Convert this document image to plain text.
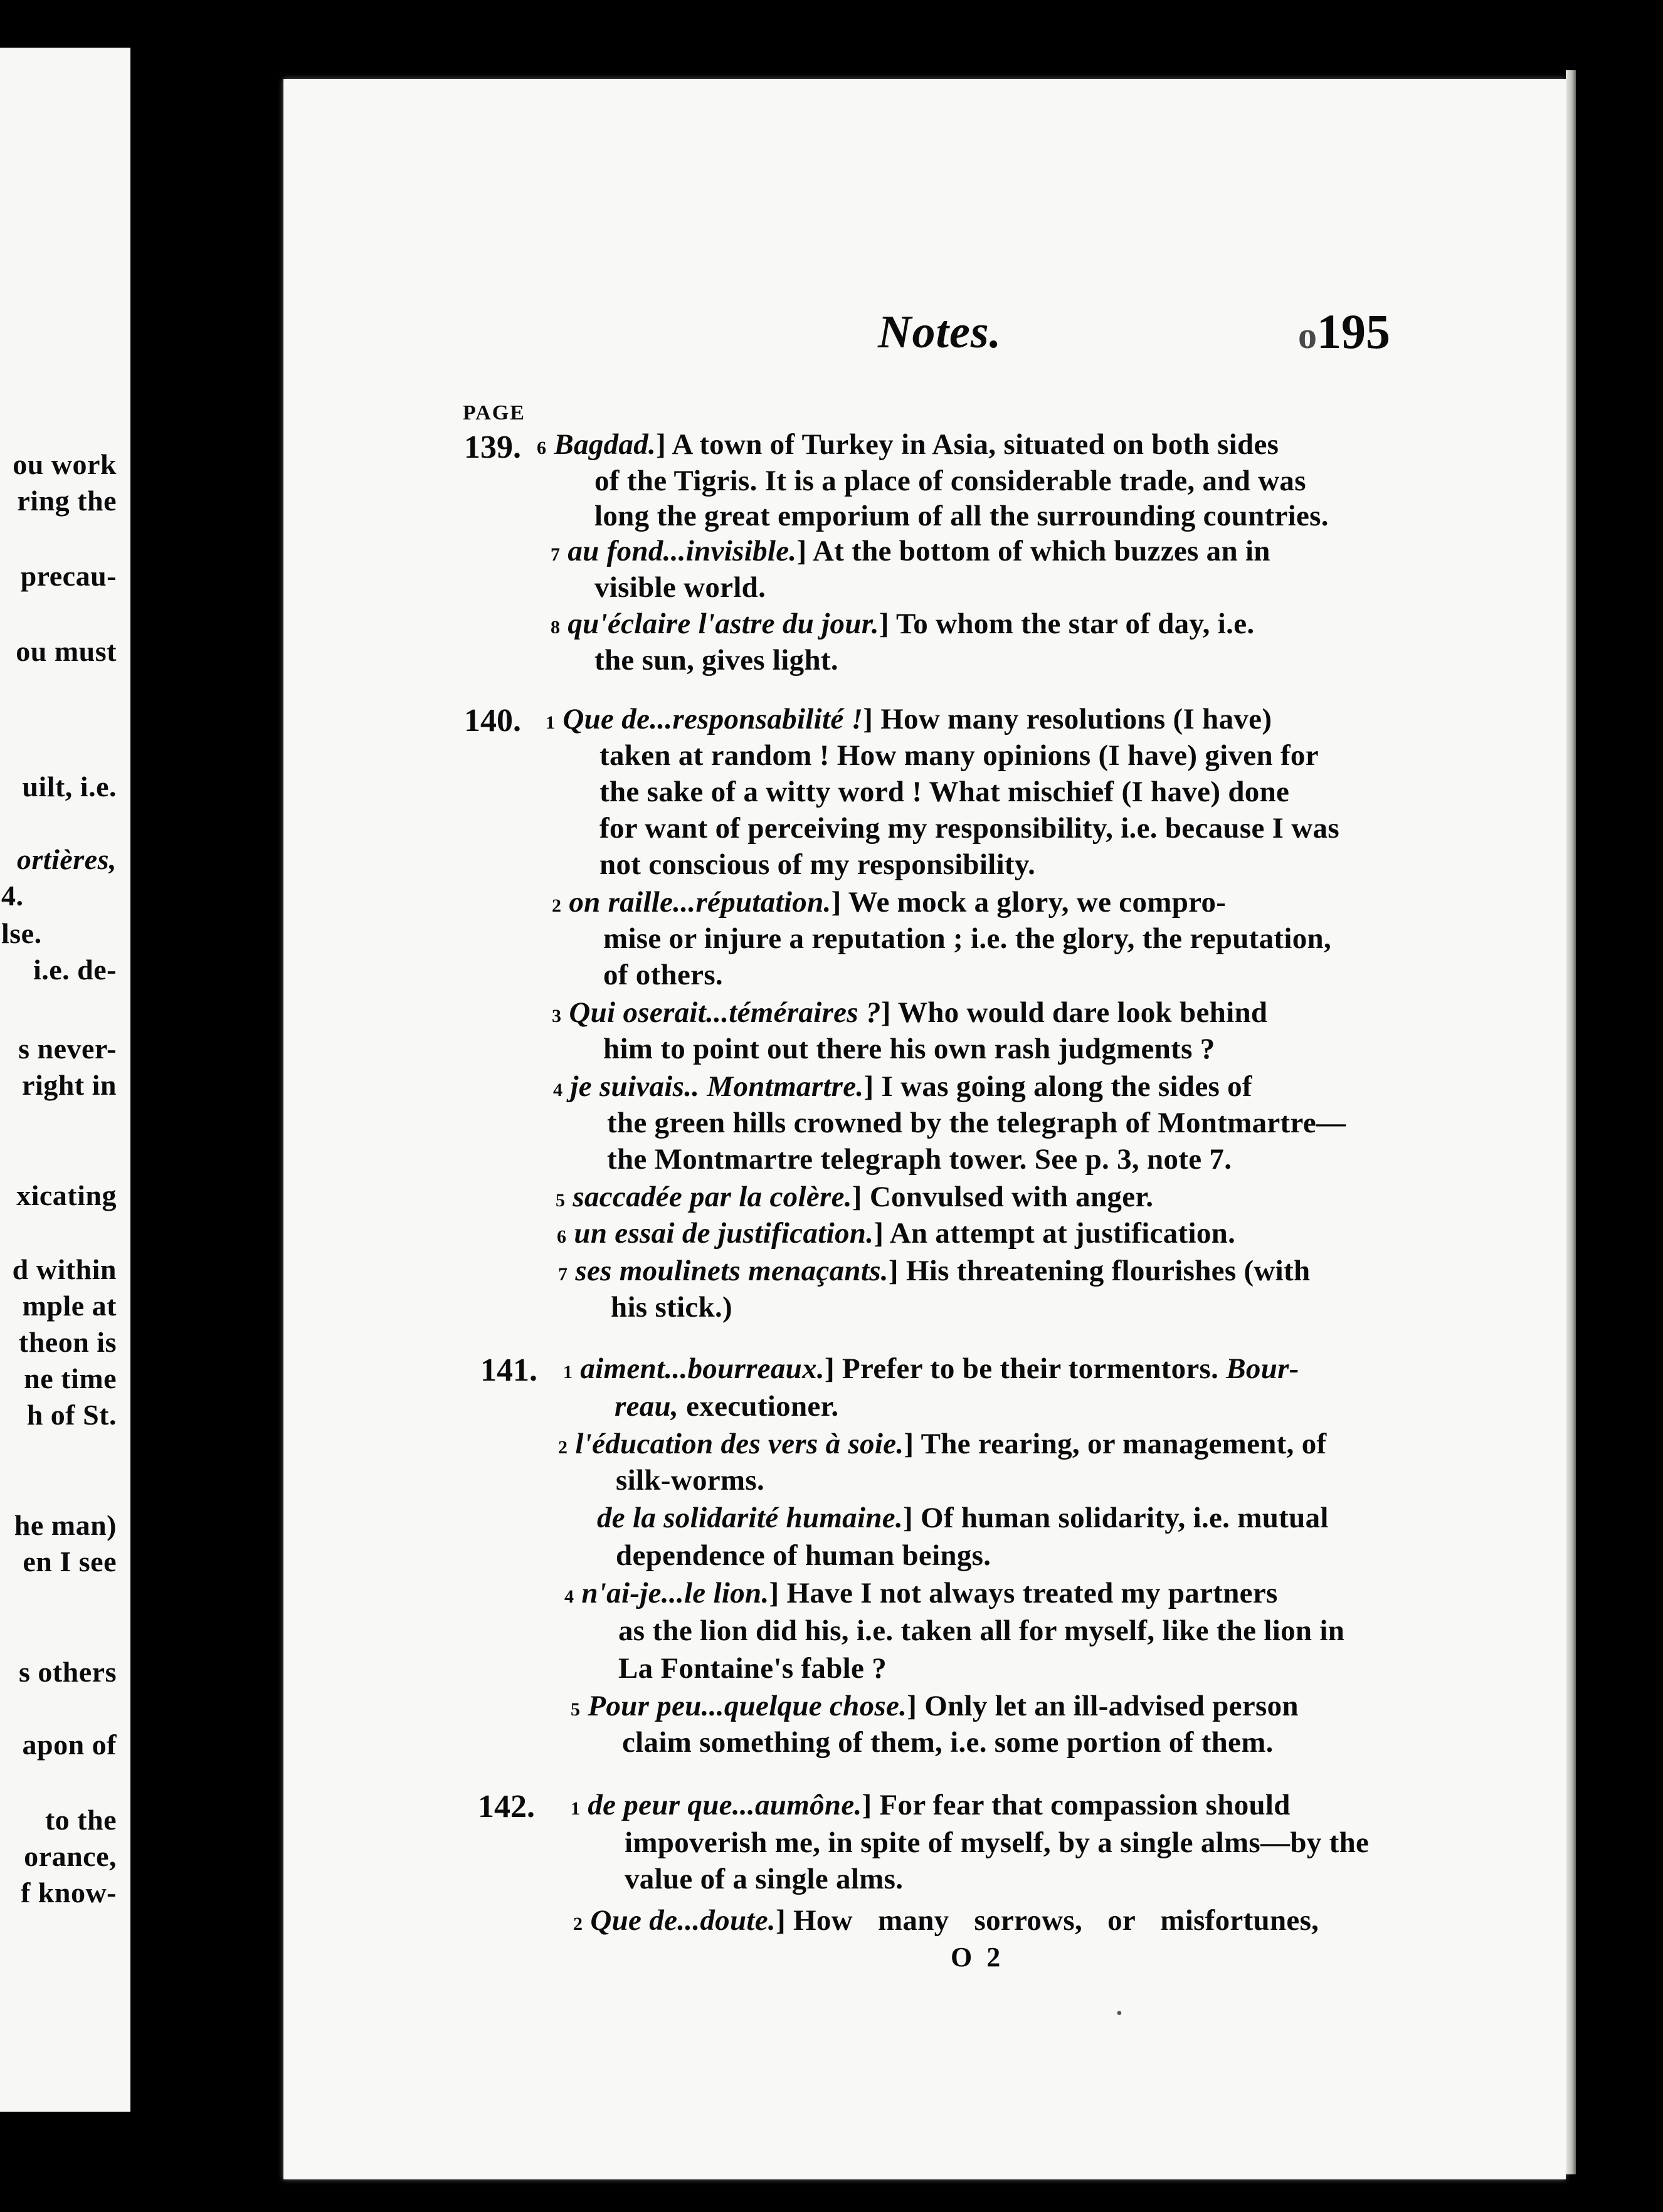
ou work
ring the
precau-
ou must
uilt, i.e.
ortières,
4.
lse.
i.e. de-
s never-
right in
xicating
d within
mple at
theon is
ne time
h of St.
he man)
en I see
s others
apon of
to the
orance,
f know-
Notes.	o195
PAGE
139. 6 Bagdad.] A town of Turkey in Asia, situated on both sides
of the Tigris. It is a place of considerable trade, and was
long the great emporium of all the surrounding countries.
7 au fond...invisible.] At the bottom of which buzzes an in
visible world.
8 qu'éclaire l'astre du jour.] To whom the star of day, i.e.
the sun, gives light.
140. 1 Que de...responsabilité !] How many resolutions (I have)
taken at random ! How many opinions (I have) given for
the sake of a witty word ! What mischief (I have) done
for want of perceiving my responsibility, i.e. because I was
not conscious of my responsibility.
2 on raille...réputation.] We mock a glory, we compro-
mise or injure a reputation ; i.e. the glory, the reputation,
of others.
3 Qui oserait...téméraires ?] Who would dare look behind
him to point out there his own rash judgments ?
4 je suivais.. Montmartre.] I was going along the sides of
the green hills crowned by the telegraph of Montmartre—
the Montmartre telegraph tower. See p. 3, note 7.
5 saccadée par la colère.] Convulsed with anger.
6 un essai de justification.] An attempt at justification.
7 ses moulinets menaçants.] His threatening flourishes (with
his stick.)
141. 1 aiment...bourreaux.] Prefer to be their tormentors. Bour-
reau, executioner.
2 l'éducation des vers à soie.] The rearing, or management, of
silk-worms.
de la solidarité humaine.] Of human solidarity, i.e. mutual
dependence of human beings.
4 n'ai-je...le lion.] Have I not always treated my partners
as the lion did his, i.e. taken all for myself, like the lion in
La Fontaine's fable ?
5 Pour peu...quelque chose.] Only let an ill-advised person
claim something of them, i.e. some portion of them.
142. 1 de peur que...aumône.] For fear that compassion should
impoverish me, in spite of myself, by a single alms—by the
value of a single alms.
2 Que de...doute.] How many sorrows, or misfortunes,
O 2
•
